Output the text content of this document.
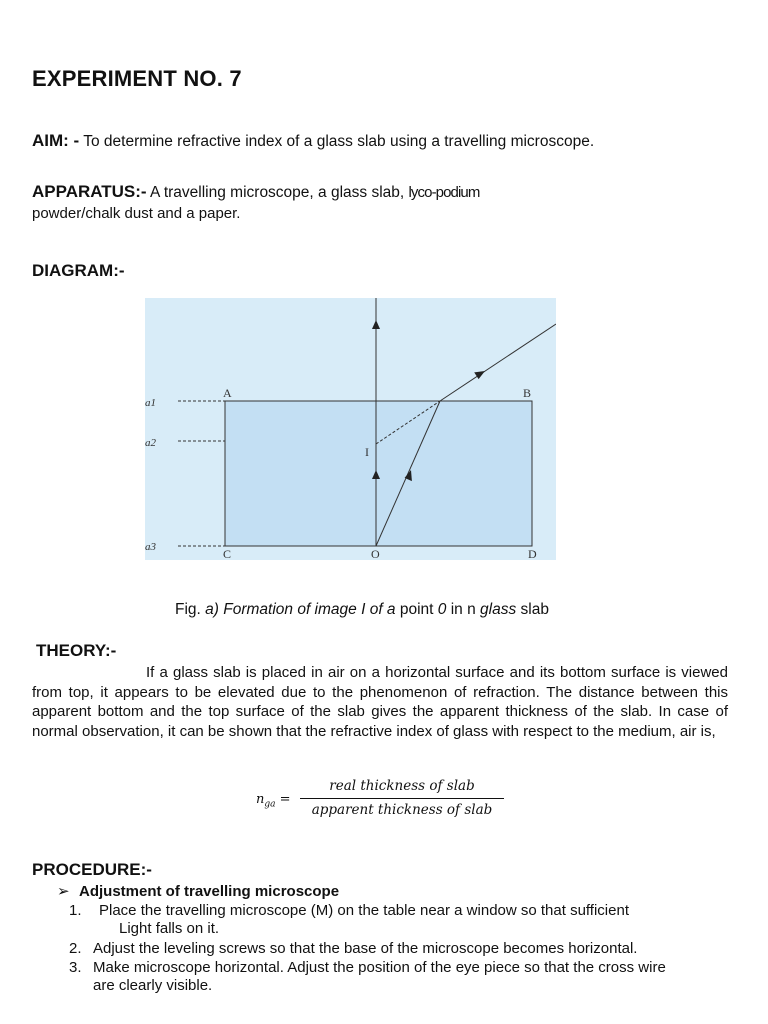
EXPERIMENT NO. 7
AIM: - To determine refractive index of a glass slab using a travelling microscope.
APPARATUS:- A travelling microscope, a glass slab, lyco-podium
powder/chalk dust and a paper.
DIAGRAM:-
A	B
C	D
O
I
a1
a2
a3
Fig. a) Formation of image I of a point 0 in n glass slab
THEORY:-
If a glass slab is placed in air on a horizontal surface and its bottom surface is viewed from top, it appears to be elevated due to the phenomenon of refraction. The distance between this apparent bottom and the top surface of the slab gives the apparent thickness of the slab. In case of normal observation, it can be shown that the refractive index of glass with respect to the medium, air is,
$n_{ga}$ =
real thickness of slab
apparent thickness of slab
PROCEDURE:-
➢ Adjustment of travelling microscope
1.	Place the travelling microscope (M) on the table near a window so that sufficient
Light falls on it.
2. Adjust the leveling screws so that the base of the microscope becomes horizontal.
3. Make microscope horizontal. Adjust the position of the eye piece so that the cross wire
are clearly visible.
